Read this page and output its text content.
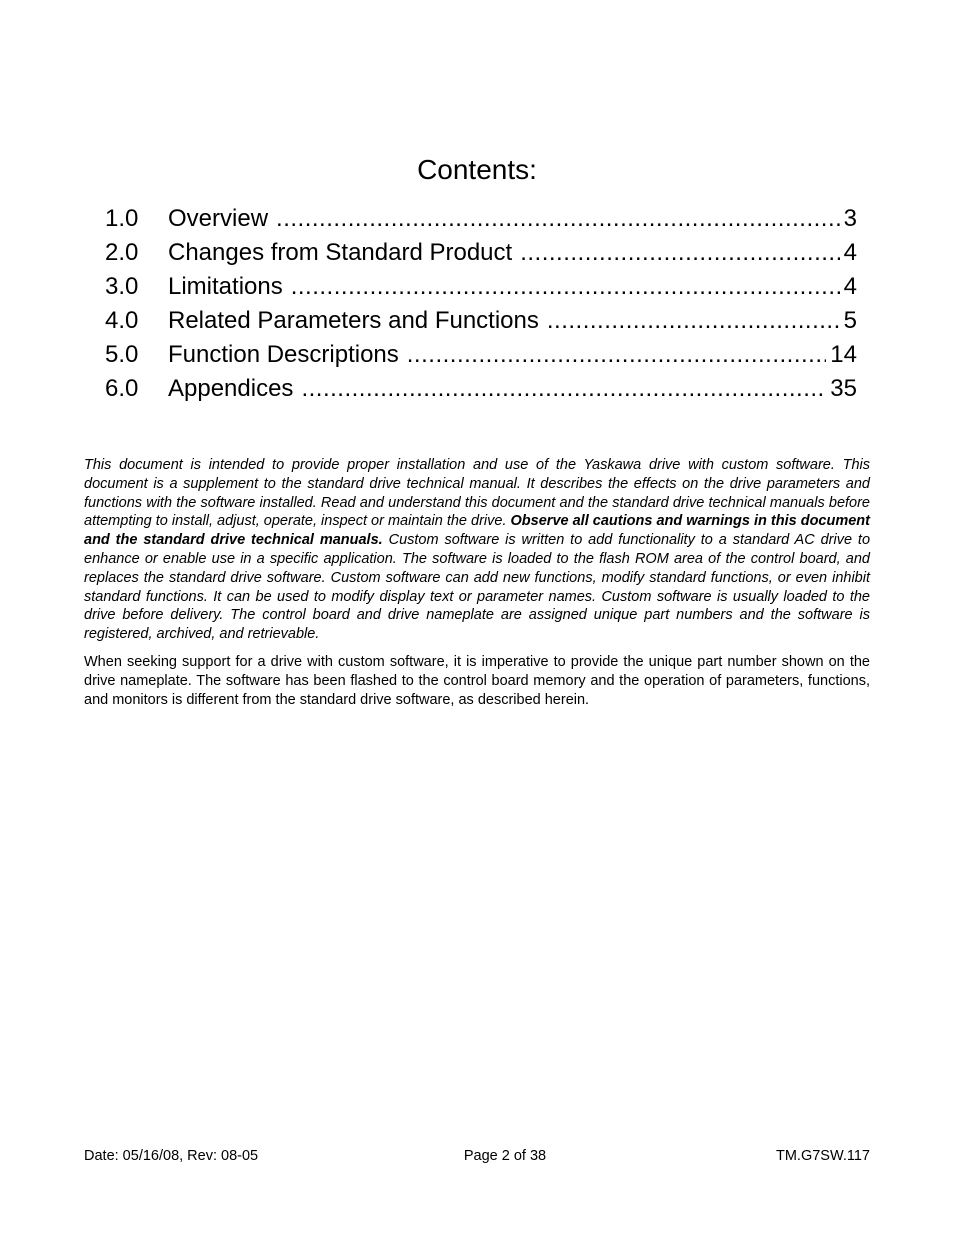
Contents:
1.0	Overview .....	3
2.0	Changes from Standard Product .....	4
3.0	Limitations .....	4
4.0	Related Parameters and Functions .....	5
5.0	Function Descriptions .....	14
6.0	Appendices .....	35

This document is intended to provide proper installation and use of the Yaskawa drive with custom software. This document is a supplement to the standard drive technical manual. It describes the effects on the drive parameters and functions with the software installed. Read and understand this document and the standard drive technical manuals before attempting to install, adjust, operate, inspect or maintain the drive. Observe all cautions and warnings in this document and the standard drive technical manuals. Custom software is written to add functionality to a standard AC drive to enhance or enable use in a specific application. The software is loaded to the flash ROM area of the control board, and replaces the standard drive software. Custom software can add new functions, modify standard functions, or even inhibit standard functions. It can be used to modify display text or parameter names. Custom software is usually loaded to the drive before delivery. The control board and drive nameplate are assigned unique part numbers and the software is registered, archived, and retrievable.

When seeking support for a drive with custom software, it is imperative to provide the unique part number shown on the drive nameplate. The software has been flashed to the control board memory and the operation of parameters, functions, and monitors is different from the standard drive software, as described herein.

Date: 05/16/08, Rev: 08-05	Page 2 of 38	TM.G7SW.117
